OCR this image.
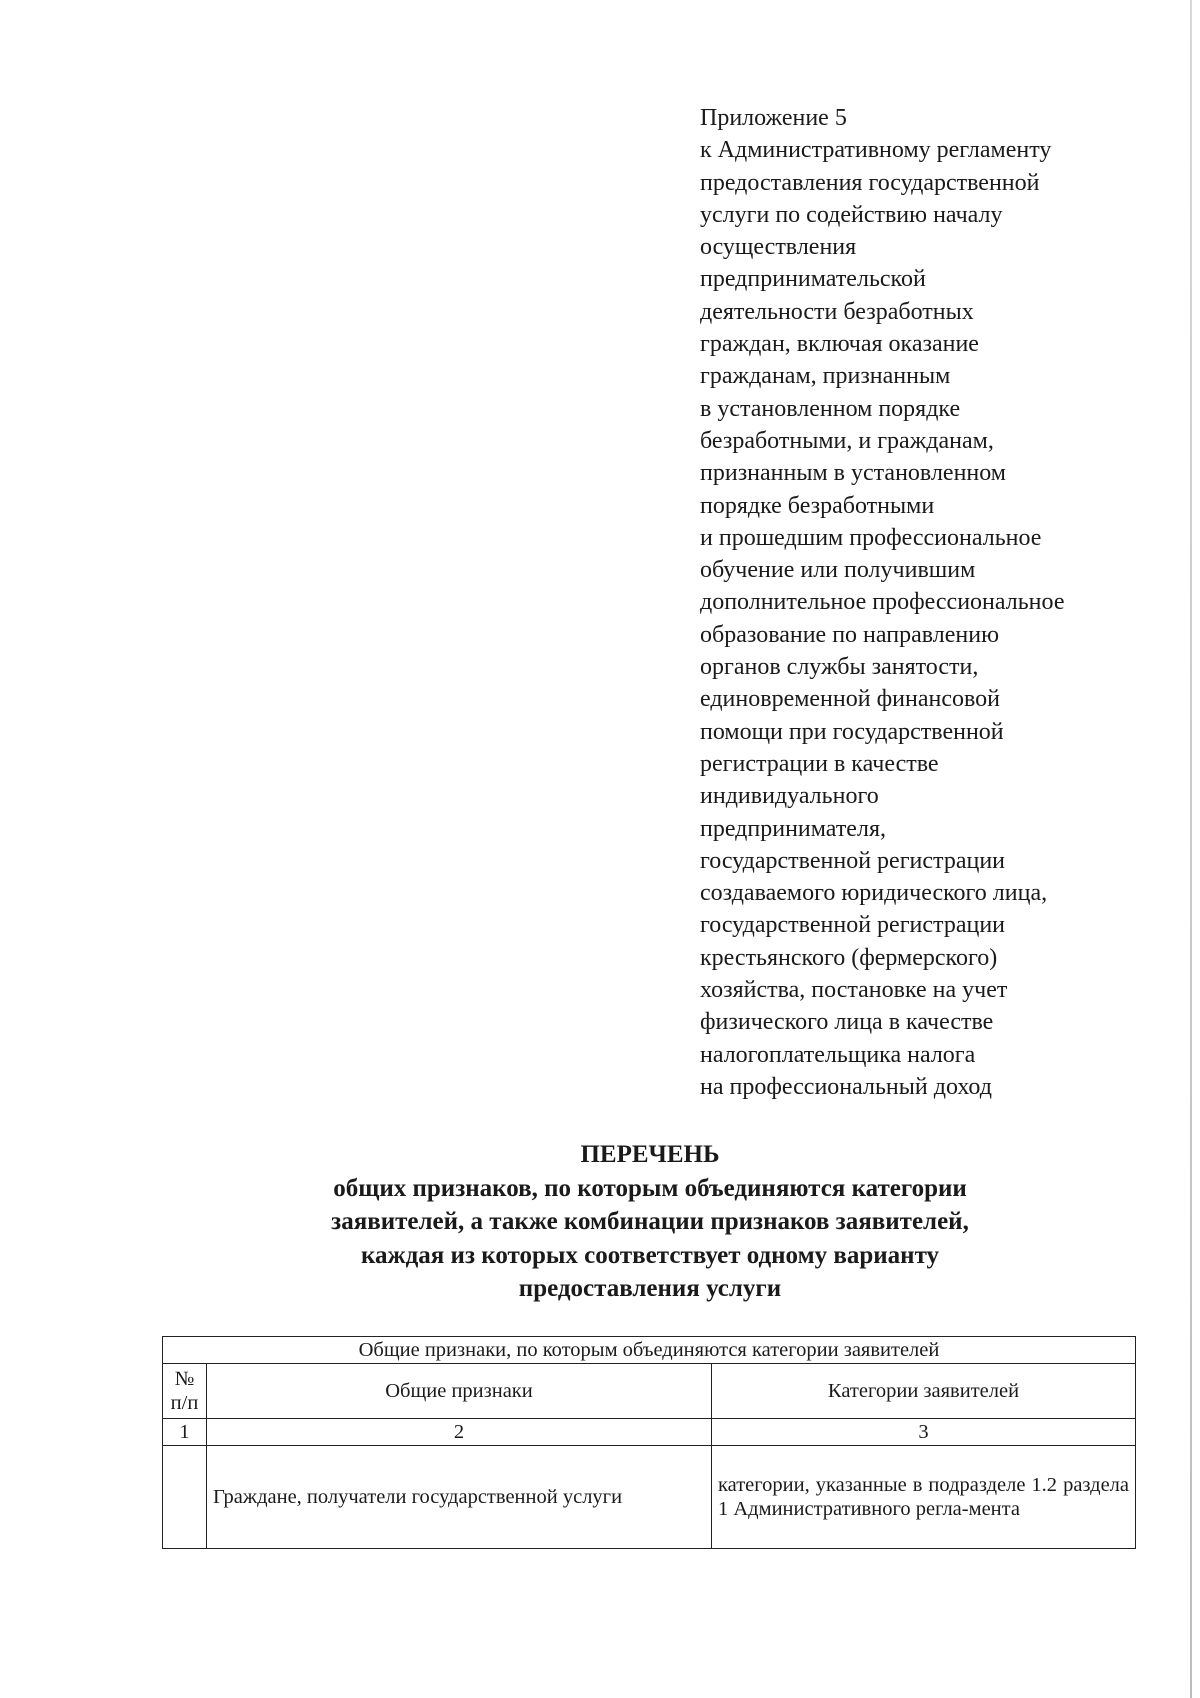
Приложение 5
к Административному регламенту
предоставления государственной
услуги по содействию началу
осуществления
предпринимательской
деятельности безработных
граждан, включая оказание
гражданам, признанным
в установленном порядке
безработными, и гражданам,
признанным в установленном
порядке безработными
и прошедшим профессиональное
обучение или получившим
дополнительное профессиональное
образование по направлению
органов службы занятости,
единовременной финансовой
помощи при государственной
регистрации в качестве
индивидуального
предпринимателя,
государственной регистрации
создаваемого юридического лица,
государственной регистрации
крестьянского (фермерского)
хозяйства, постановке на учет
физического лица в качестве
налогоплательщика налога
на профессиональный доход
ПЕРЕЧЕНЬ
общих признаков, по которым объединяются категории
заявителей, а также комбинации признаков заявителей,
каждая из которых соответствует одному варианту
предоставления услуги
Общие признаки, по которым объединяются категории заявителей		
№ п/п	Общие признаки	Категории заявителей
1	2	3
	Граждане, получатели государственной услуги	категории, указанные в подразделе 1.2 раздела 1 Административного регла-мента
